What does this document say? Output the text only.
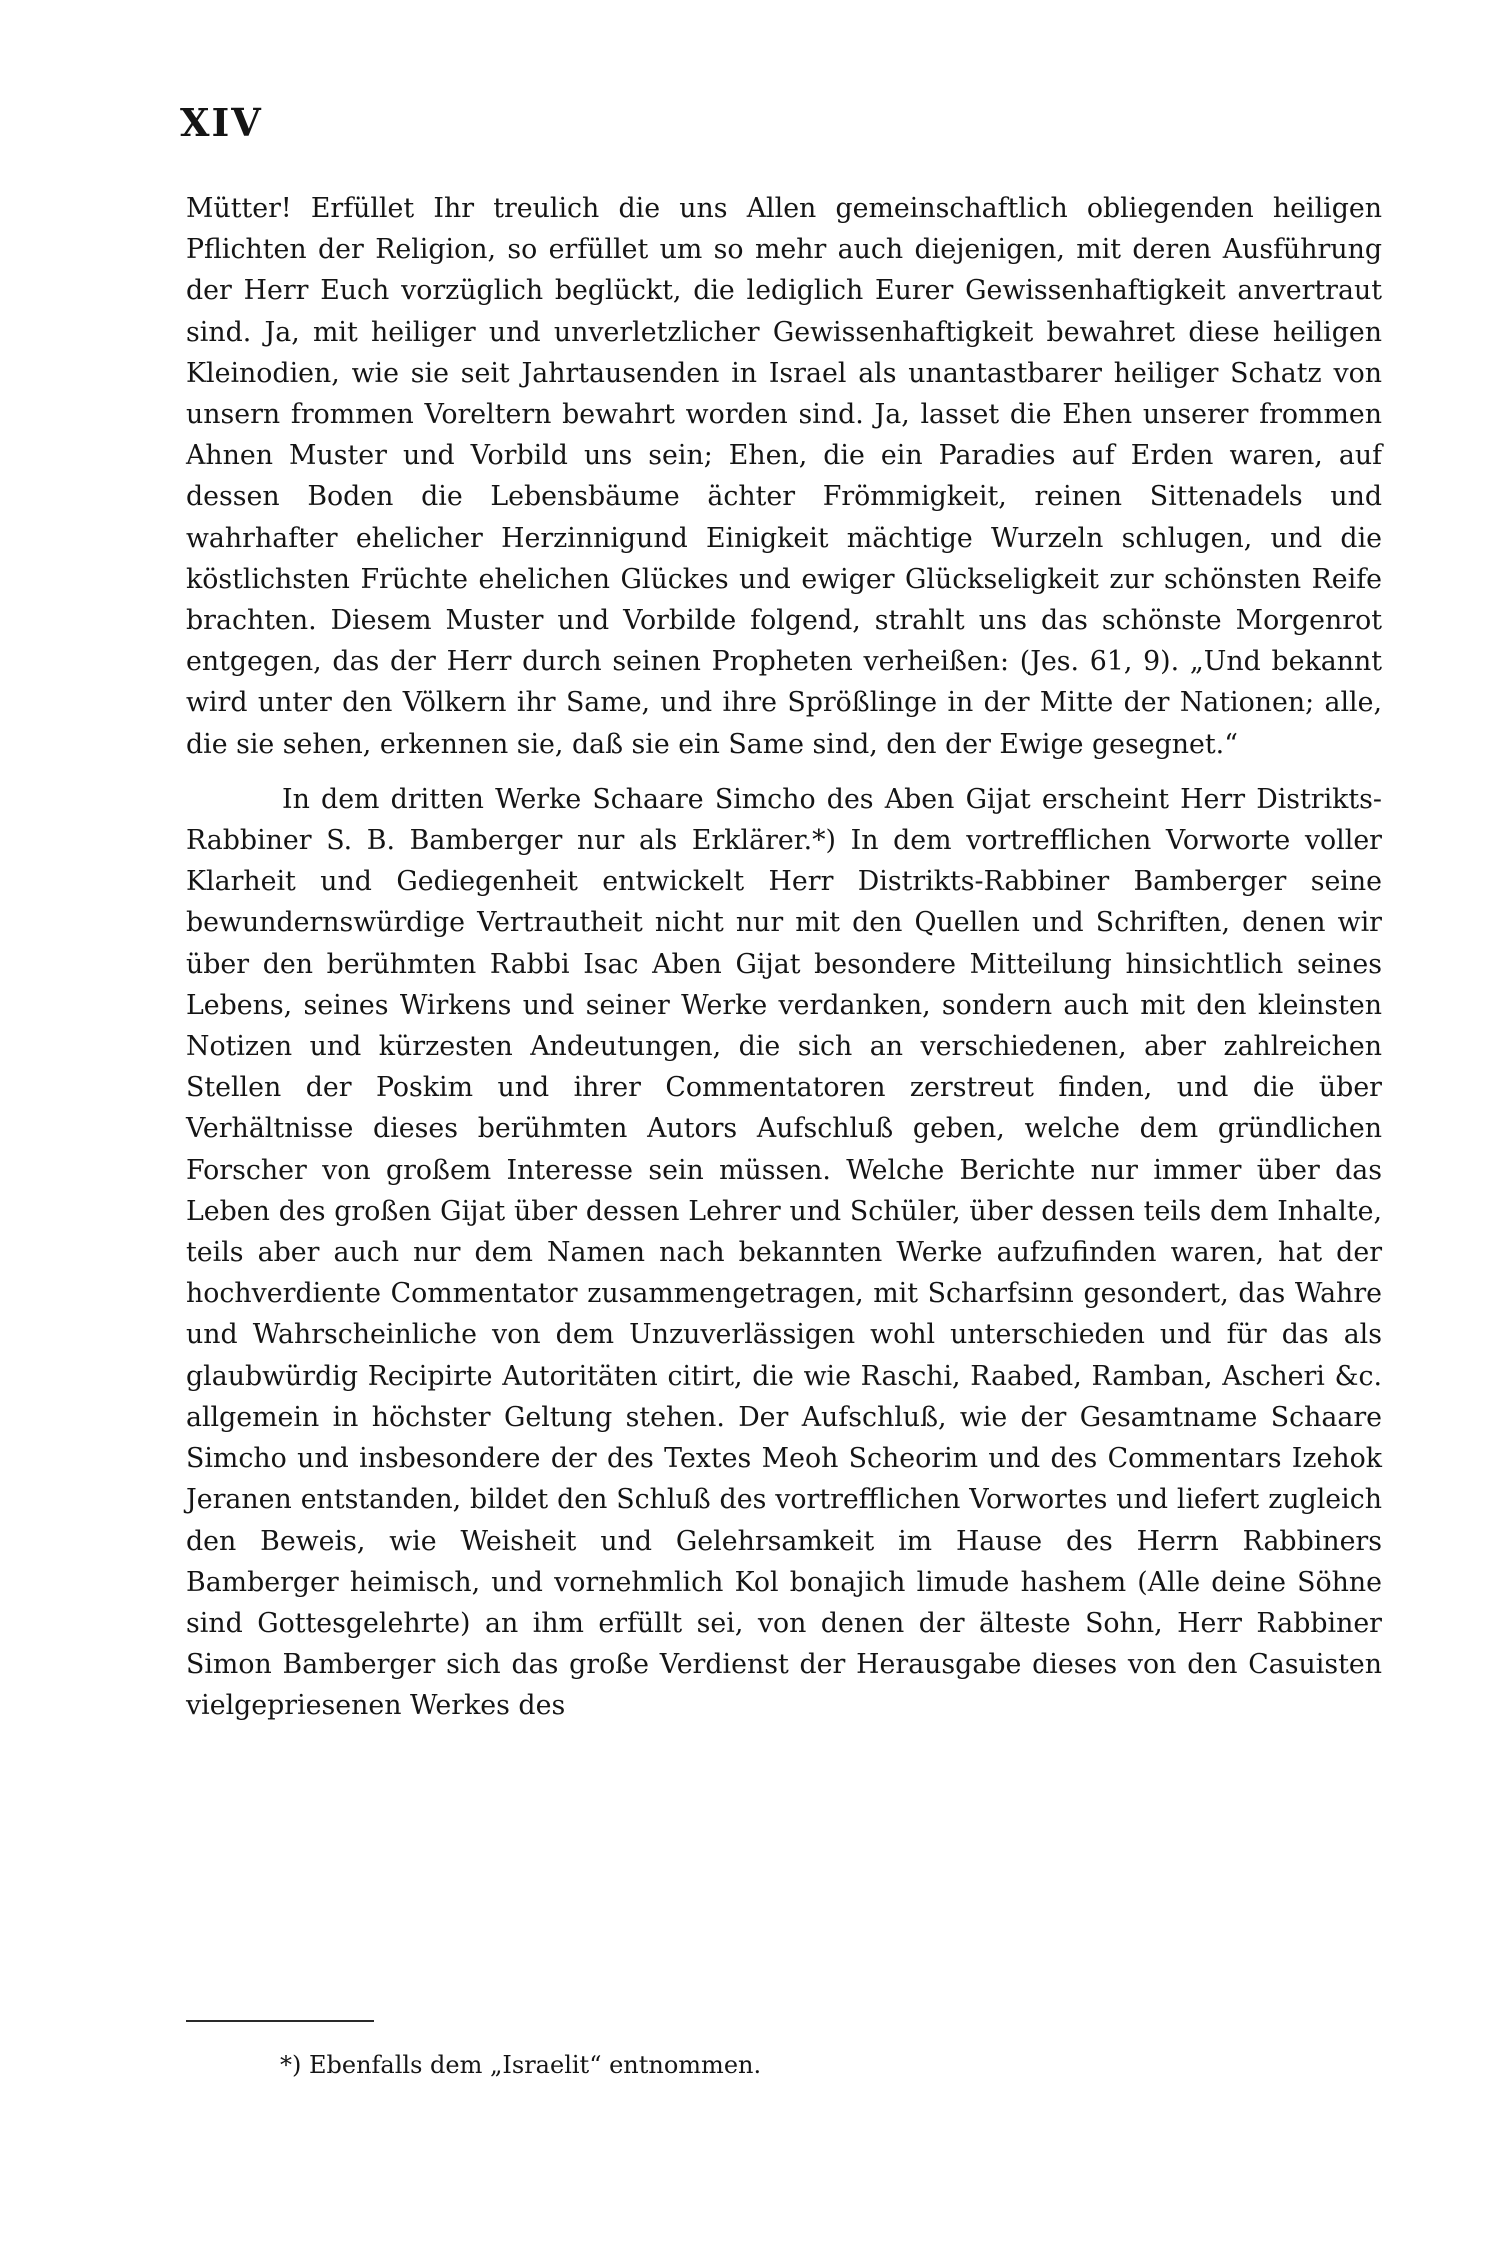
XIV

Mütter! Erfüllet Ihr treulich die uns Allen gemeinschaftlich obliegenden heiligen Pflichten der Religion, so erfüllet um so mehr auch diejenigen, mit deren Ausführung der Herr Euch vorzüglich beglückt, die lediglich Eurer Gewissenhaftigkeit anvertraut sind. Ja, mit heiliger und unverletzlicher Gewissenhaftigkeit bewahret diese heiligen Kleinodien, wie sie seit Jahrtausenden in Israel als unantastbarer heiliger Schatz von unsern frommen Voreltern bewahrt worden sind. Ja, lasset die Ehen unserer frommen Ahnen Muster und Vorbild uns sein; Ehen, die ein Paradies auf Erden waren, auf dessen Boden die Lebensbäume ächter Frömmigkeit, reinen Sittenadels und wahrhafter ehelicher Herzinnigund Einigkeit mächtige Wurzeln schlugen, und die köstlichsten Früchte ehelichen Glückes und ewiger Glückseligkeit zur schönsten Reife brachten. Diesem Muster und Vorbilde folgend, strahlt uns das schönste Morgenrot entgegen, das der Herr durch seinen Propheten verheißen: (Jes. 61, 9). „Und bekannt wird unter den Völkern ihr Same, und ihre Sprößlinge in der Mitte der Nationen; alle, die sie sehen, erkennen sie, daß sie ein Same sind, den der Ewige gesegnet.“

In dem dritten Werke Schaare Simcho des Aben Gijat erscheint Herr Distrikts-Rabbiner S. B. Bamberger nur als Erklärer.*) In dem vortrefflichen Vorworte voller Klarheit und Gediegenheit entwickelt Herr Distrikts-Rabbiner Bamberger seine bewundernswürdige Vertrautheit nicht nur mit den Quellen und Schriften, denen wir über den berühmten Rabbi Isac Aben Gijat besondere Mitteilung hinsichtlich seines Lebens, seines Wirkens und seiner Werke verdanken, sondern auch mit den kleinsten Notizen und kürzesten Andeutungen, die sich an verschiedenen, aber zahlreichen Stellen der Poskim und ihrer Commentatoren zerstreut finden, und die über Verhältnisse dieses berühmten Autors Aufschluß geben, welche dem gründlichen Forscher von großem Interesse sein müssen. Welche Berichte nur immer über das Leben des großen Gijat über dessen Lehrer und Schüler, über dessen teils dem Inhalte, teils aber auch nur dem Namen nach bekannten Werke aufzufinden waren, hat der hochverdiente Commentator zusammengetragen, mit Scharfsinn gesondert, das Wahre und Wahrscheinliche von dem Unzuverlässigen wohl unterschieden und für das als glaubwürdig Recipirte Autoritäten citirt, die wie Raschi, Raabed, Ramban, Ascheri &c. allgemein in höchster Geltung stehen. Der Aufschluß, wie der Gesamtname Schaare Simcho und insbesondere der des Textes Meoh Scheorim und des Commentars Izehok Jeranen entstanden, bildet den Schluß des vortrefflichen Vorwortes und liefert zugleich den Beweis, wie Weisheit und Gelehrsamkeit im Hause des Herrn Rabbiners Bamberger heimisch, und vornehmlich Kol bonajich limude hashem (Alle deine Söhne sind Gottesgelehrte) an ihm erfüllt sei, von denen der älteste Sohn, Herr Rabbiner Simon Bamberger sich das große Verdienst der Herausgabe dieses von den Casuisten vielgepriesenen Werkes des

*) Ebenfalls dem „Israelit“ entnommen.
